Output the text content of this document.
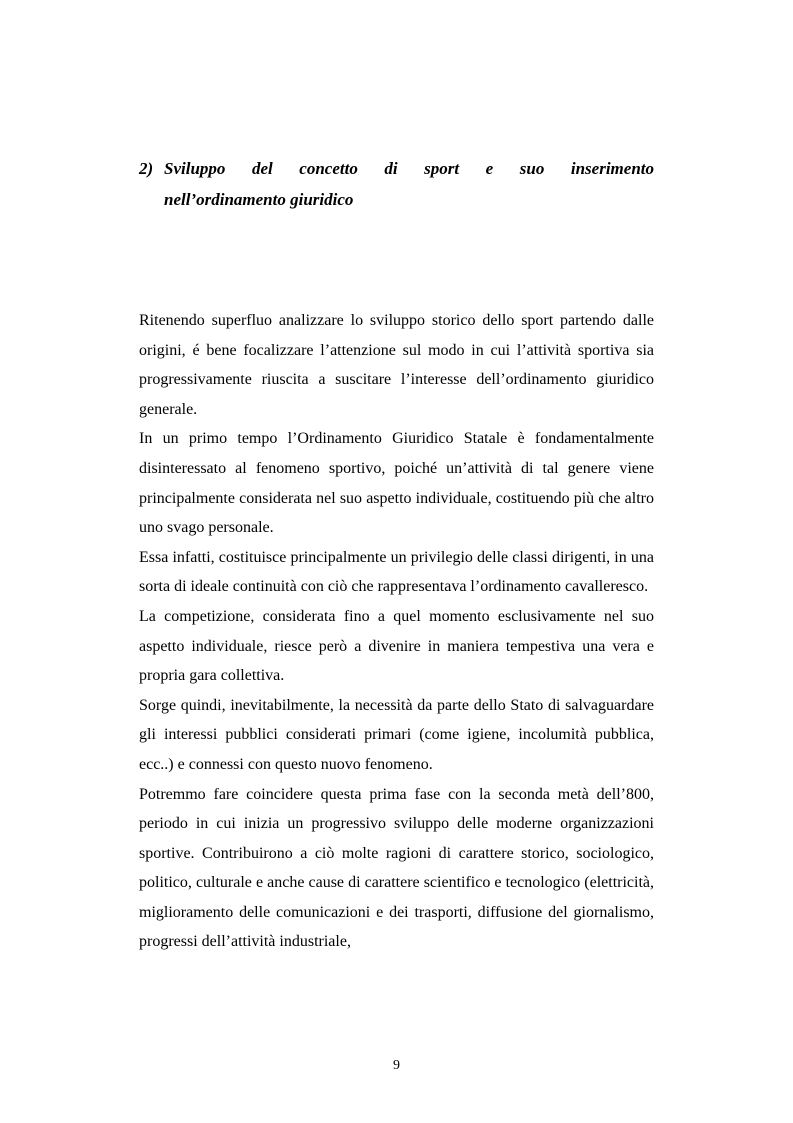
2) Sviluppo del concetto di sport e suo inserimento
nell’ordinamento giuridico

Ritenendo superfluo analizzare lo sviluppo storico dello sport partendo dalle origini, é bene focalizzare l’attenzione sul modo in cui l’attività sportiva sia progressivamente riuscita a suscitare l’interesse dell’ordinamento giuridico generale.

In un primo tempo l’Ordinamento Giuridico Statale è fondamentalmente disinteressato al fenomeno sportivo, poiché un’attività di tal genere viene principalmente considerata nel suo aspetto individuale, costituendo più che altro uno svago personale.

Essa infatti, costituisce principalmente un privilegio delle classi dirigenti, in una sorta di ideale continuità con ciò che rappresentava l’ordinamento cavalleresco.

La competizione, considerata fino a quel momento esclusivamente nel suo aspetto individuale, riesce però a divenire in maniera tempestiva una vera e propria gara collettiva.

Sorge quindi, inevitabilmente, la necessità da parte dello Stato di salvaguardare gli interessi pubblici considerati primari (come igiene, incolumità pubblica, ecc..) e connessi con questo nuovo fenomeno.

Potremmo fare coincidere questa prima fase con la seconda metà dell’800, periodo in cui inizia un progressivo sviluppo delle moderne organizzazioni sportive. Contribuirono a ciò molte ragioni di carattere storico, sociologico, politico, culturale e anche cause di carattere scientifico e tecnologico (elettricità, miglioramento delle comunicazioni e dei trasporti, diffusione del giornalismo, progressi dell’attività industriale,

9
